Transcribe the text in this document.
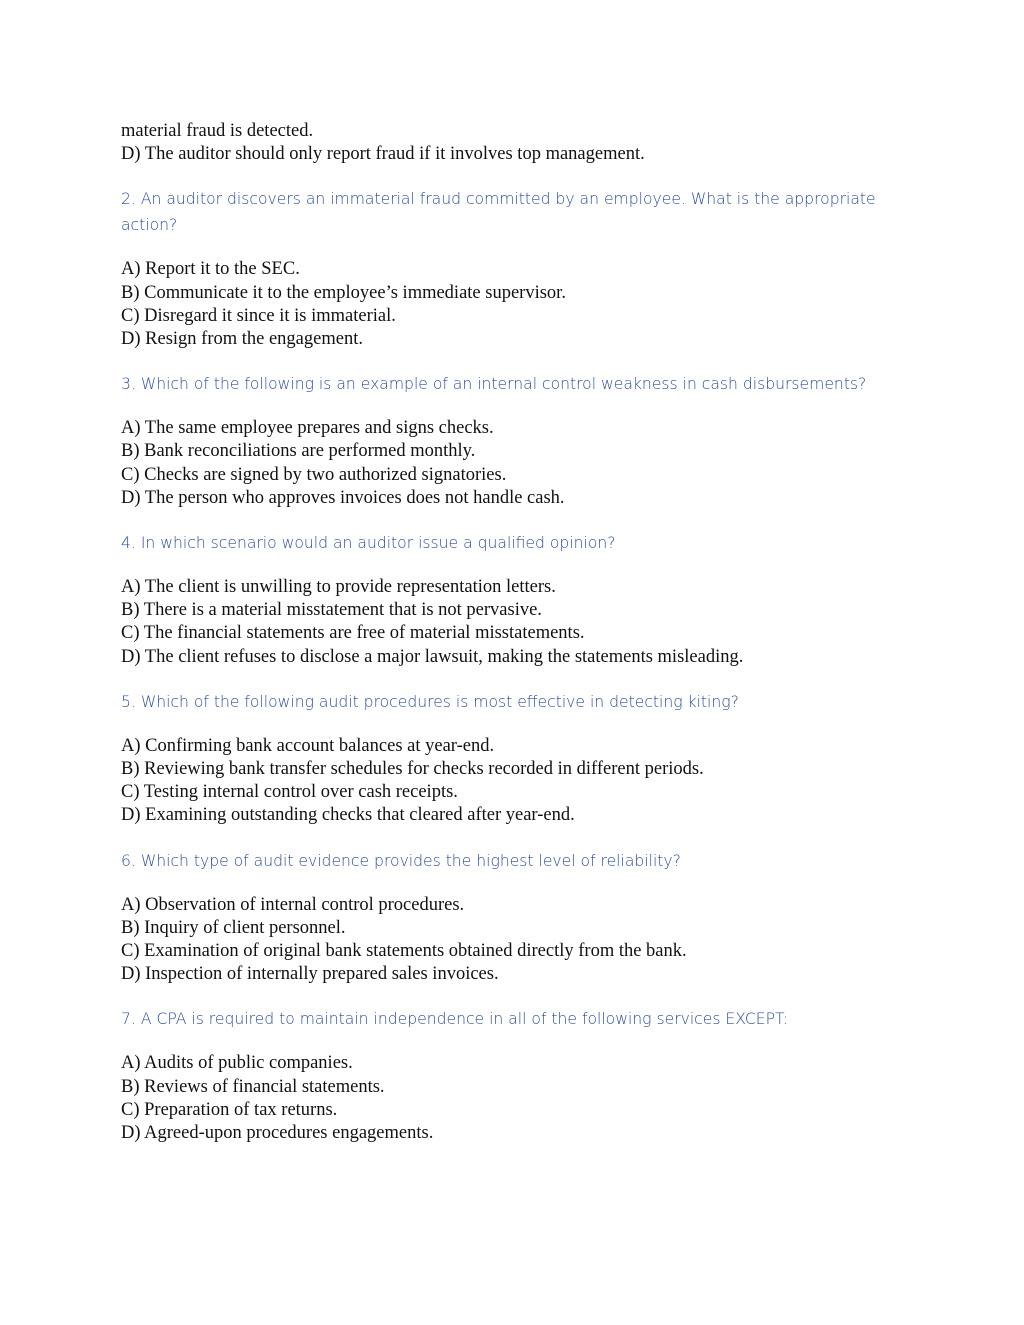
material fraud is detected.
D) The auditor should only report fraud if it involves top management.

2. An auditor discovers an immaterial fraud committed by an employee. What is the appropriate action?

A) Report it to the SEC.
B) Communicate it to the employee’s immediate supervisor.
C) Disregard it since it is immaterial.
D) Resign from the engagement.

3. Which of the following is an example of an internal control weakness in cash disbursements?

A) The same employee prepares and signs checks.
B) Bank reconciliations are performed monthly.
C) Checks are signed by two authorized signatories.
D) The person who approves invoices does not handle cash.

4. In which scenario would an auditor issue a qualified opinion?

A) The client is unwilling to provide representation letters.
B) There is a material misstatement that is not pervasive.
C) The financial statements are free of material misstatements.
D) The client refuses to disclose a major lawsuit, making the statements misleading.

5. Which of the following audit procedures is most effective in detecting kiting?

A) Confirming bank account balances at year-end.
B) Reviewing bank transfer schedules for checks recorded in different periods.
C) Testing internal control over cash receipts.
D) Examining outstanding checks that cleared after year-end.

6. Which type of audit evidence provides the highest level of reliability?

A) Observation of internal control procedures.
B) Inquiry of client personnel.
C) Examination of original bank statements obtained directly from the bank.
D) Inspection of internally prepared sales invoices.

7. A CPA is required to maintain independence in all of the following services EXCEPT:

A) Audits of public companies.
B) Reviews of financial statements.
C) Preparation of tax returns.
D) Agreed-upon procedures engagements.
